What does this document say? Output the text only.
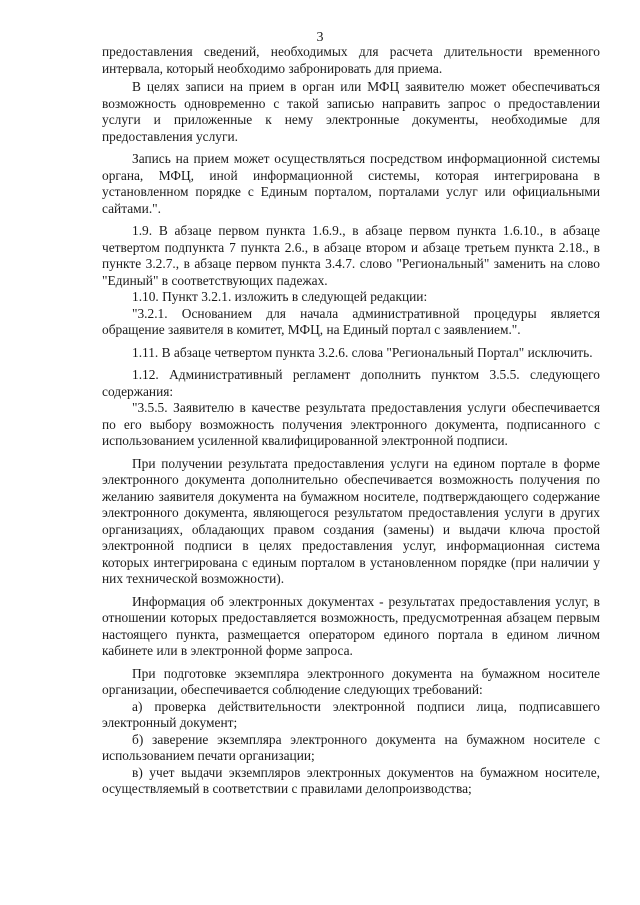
3

предоставления сведений, необходимых для расчета длительности временного интервала, который необходимо забронировать для приема.

В целях записи на прием в орган или МФЦ заявителю может обеспечиваться возможность одновременно с такой записью направить запрос о предоставлении услуги и приложенные к нему электронные документы, необходимые для предоставления услуги.

Запись на прием может осуществляться посредством информационной системы органа, МФЦ, иной информационной системы, которая интегрирована в установленном порядке с Единым порталом, порталами услуг или официальными сайтами.".

1.9. В абзаце первом пункта 1.6.9., в абзаце первом пункта 1.6.10., в абзаце четвертом подпункта 7 пункта 2.6., в абзаце втором и абзаце третьем пункта 2.18., в пункте 3.2.7., в абзаце первом пункта 3.4.7. слово "Региональный" заменить на слово "Единый" в соответствующих падежах.

1.10. Пункт 3.2.1. изложить в следующей редакции:

"3.2.1. Основанием для начала административной процедуры является обращение заявителя в комитет, МФЦ, на Единый портал с заявлением.".

1.11. В абзаце четвертом пункта 3.2.6. слова "Региональный Портал" исключить.

1.12. Административный регламент дополнить пунктом 3.5.5. следующего содержания:

"3.5.5. Заявителю в качестве результата предоставления услуги обеспечивается по его выбору возможность получения электронного документа, подписанного с использованием усиленной квалифицированной электронной подписи.

При получении результата предоставления услуги на едином портале в форме электронного документа дополнительно обеспечивается возможность получения по желанию заявителя документа на бумажном носителе, подтверждающего содержание электронного документа, являющегося результатом предоставления услуги в других организациях, обладающих правом создания (замены) и выдачи ключа простой электронной подписи в целях предоставления услуг, информационная система которых интегрирована с единым порталом в установленном порядке (при наличии у них технической возможности).

Информация об электронных документах - результатах предоставления услуг, в отношении которых предоставляется возможность, предусмотренная абзацем первым настоящего пункта, размещается оператором единого портала в едином личном кабинете или в электронной форме запроса.

При подготовке экземпляра электронного документа на бумажном носителе организации, обеспечивается соблюдение следующих требований:

а) проверка действительности электронной подписи лица, подписавшего электронный документ;

б) заверение экземпляра электронного документа на бумажном носителе с использованием печати организации;

в) учет выдачи экземпляров электронных документов на бумажном носителе, осуществляемый в соответствии с правилами делопроизводства;
